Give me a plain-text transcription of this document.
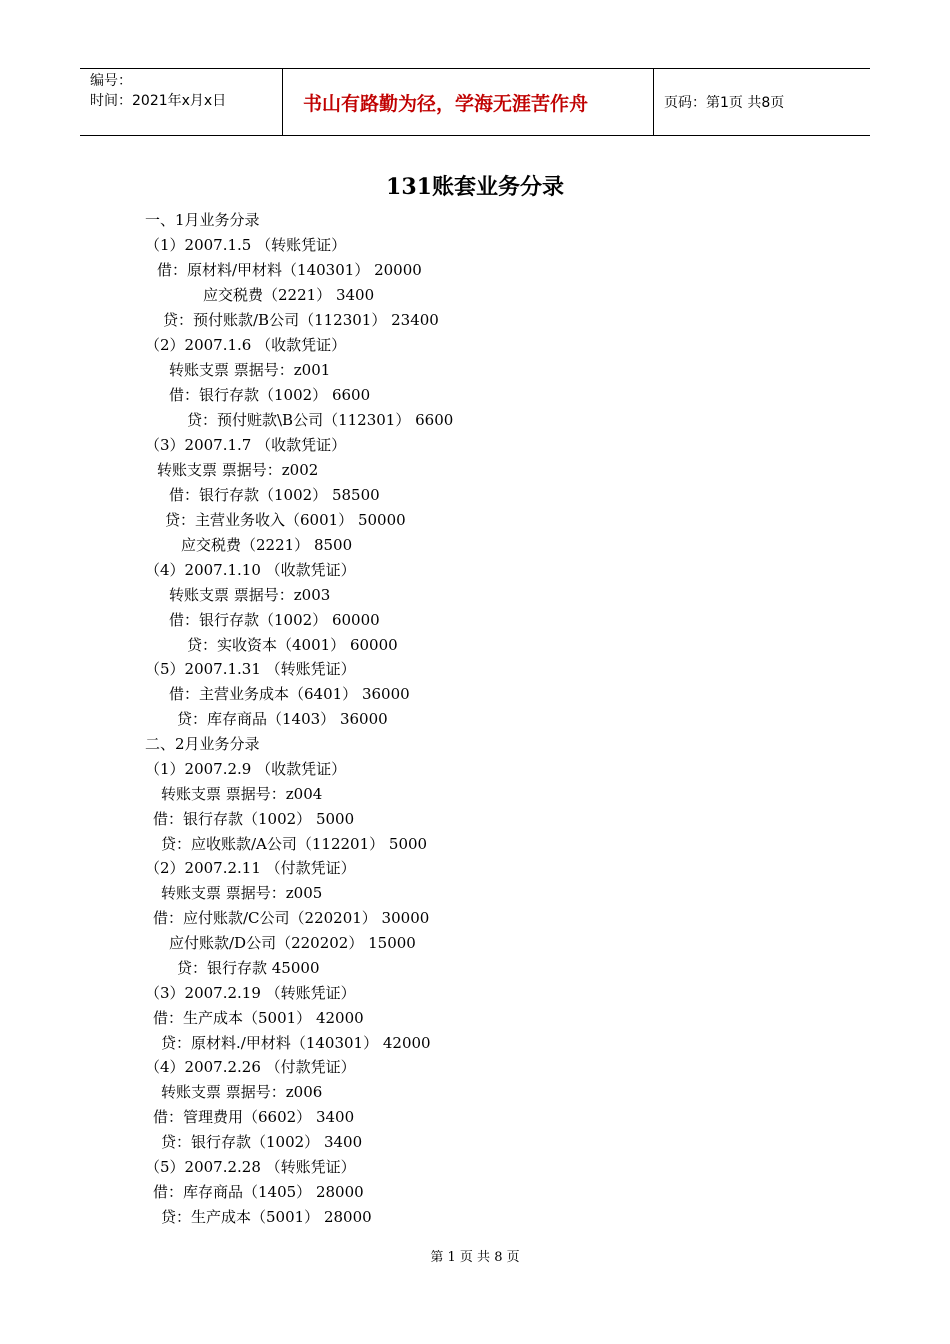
编号：
时间：2021年x月x日	书山有路勤为径，学海无涯苦作舟	页码：第1页 共8页
131账套业务分录
一、1月业务分录
（1）2007.1.5 （转账凭证）
借：原材料/甲材料（140301） 20000
应交税费（2221） 3400
贷：预付账款/B公司（112301） 23400
（2）2007.1.6 （收款凭证）
转账支票 票据号：z001
借：银行存款（1002） 6600
贷：预付赃款\B公司（112301） 6600
（3）2007.1.7 （收款凭证）
转账支票 票据号：z002
借：银行存款（1002） 58500
贷：主营业务收入（6001） 50000
应交税费（2221） 8500
（4）2007.1.10 （收款凭证）
转账支票 票据号：z003
借：银行存款（1002） 60000
贷：实收资本（4001） 60000
（5）2007.1.31 （转账凭证）
借：主营业务成本（6401） 36000
贷：库存商品（1403） 36000
二、2月业务分录
（1）2007.2.9 （收款凭证）
转账支票 票据号：z004
借：银行存款（1002） 5000
贷：应收账款/A公司（112201） 5000
（2）2007.2.11 （付款凭证）
转账支票 票据号：z005
借：应付账款/C公司（220201） 30000
应付账款/D公司（220202） 15000
贷：银行存款 45000
（3）2007.2.19 （转账凭证）
借：生产成本（5001） 42000
贷：原材料./甲材料（140301） 42000
（4）2007.2.26 （付款凭证）
转账支票 票据号：z006
借：管理费用（6602） 3400
贷：银行存款（1002） 3400
（5）2007.2.28 （转账凭证）
借：库存商品（1405） 28000
贷：生产成本（5001） 28000
第 1 页 共 8 页
